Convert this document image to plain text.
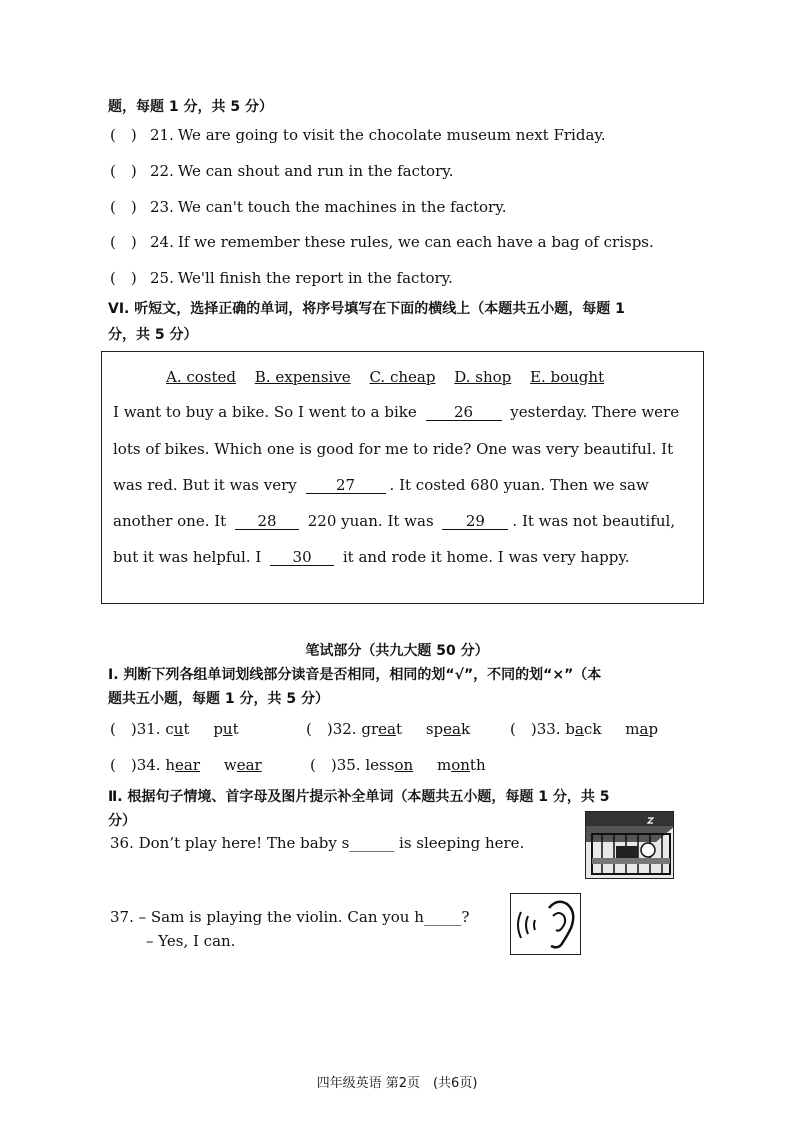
题，每题 1 分，共 5 分）
(　) 21. We are going to visit the chocolate museum next Friday.
(　) 22. We can shout and run in the factory.
(　) 23. We can't touch the machines in the factory.
(　) 24. If we remember these rules, we can each have a bag of crisps.
(　) 25. We'll finish the report in the factory.
VI. 听短文，选择正确的单词，将序号填写在下面的横线上（本题共五小题，每题 1
分，共 5 分）
A. costed B. expensive C. cheap D. shop E. bought
I want to buy a bike. So I went to a bike 26 yesterday. There were
lots of bikes. Which one is good for me to ride? One was very beautiful. It
was red. But it was very	27 . It costed 680 yuan. Then we saw
another one. It 28 220 yuan. It was 29 . It was not beautiful,
but it was helpful. I 30 it and rode it home. I was very happy.
笔试部分（共九大题 50 分）
Ⅰ. 判断下列各组单词划线部分读音是否相同，相同的划“√”，不同的划“×”（本
题共五小题，每题 1 分，共 5 分）
(　)31. cut put	(　)32. great speak	(　)33. back map
(　)34. hear wear	(　)35. lesson month
Ⅱ. 根据句子情境、首字母及图片提示补全单词（本题共五小题，每题 1 分，共 5
分）
36. Don’t play here! The baby s______ is sleeping here.
37. – Sam is playing the violin. Can you h_____?
– Yes, I can.
四年级英语 第2页　(共6页)
